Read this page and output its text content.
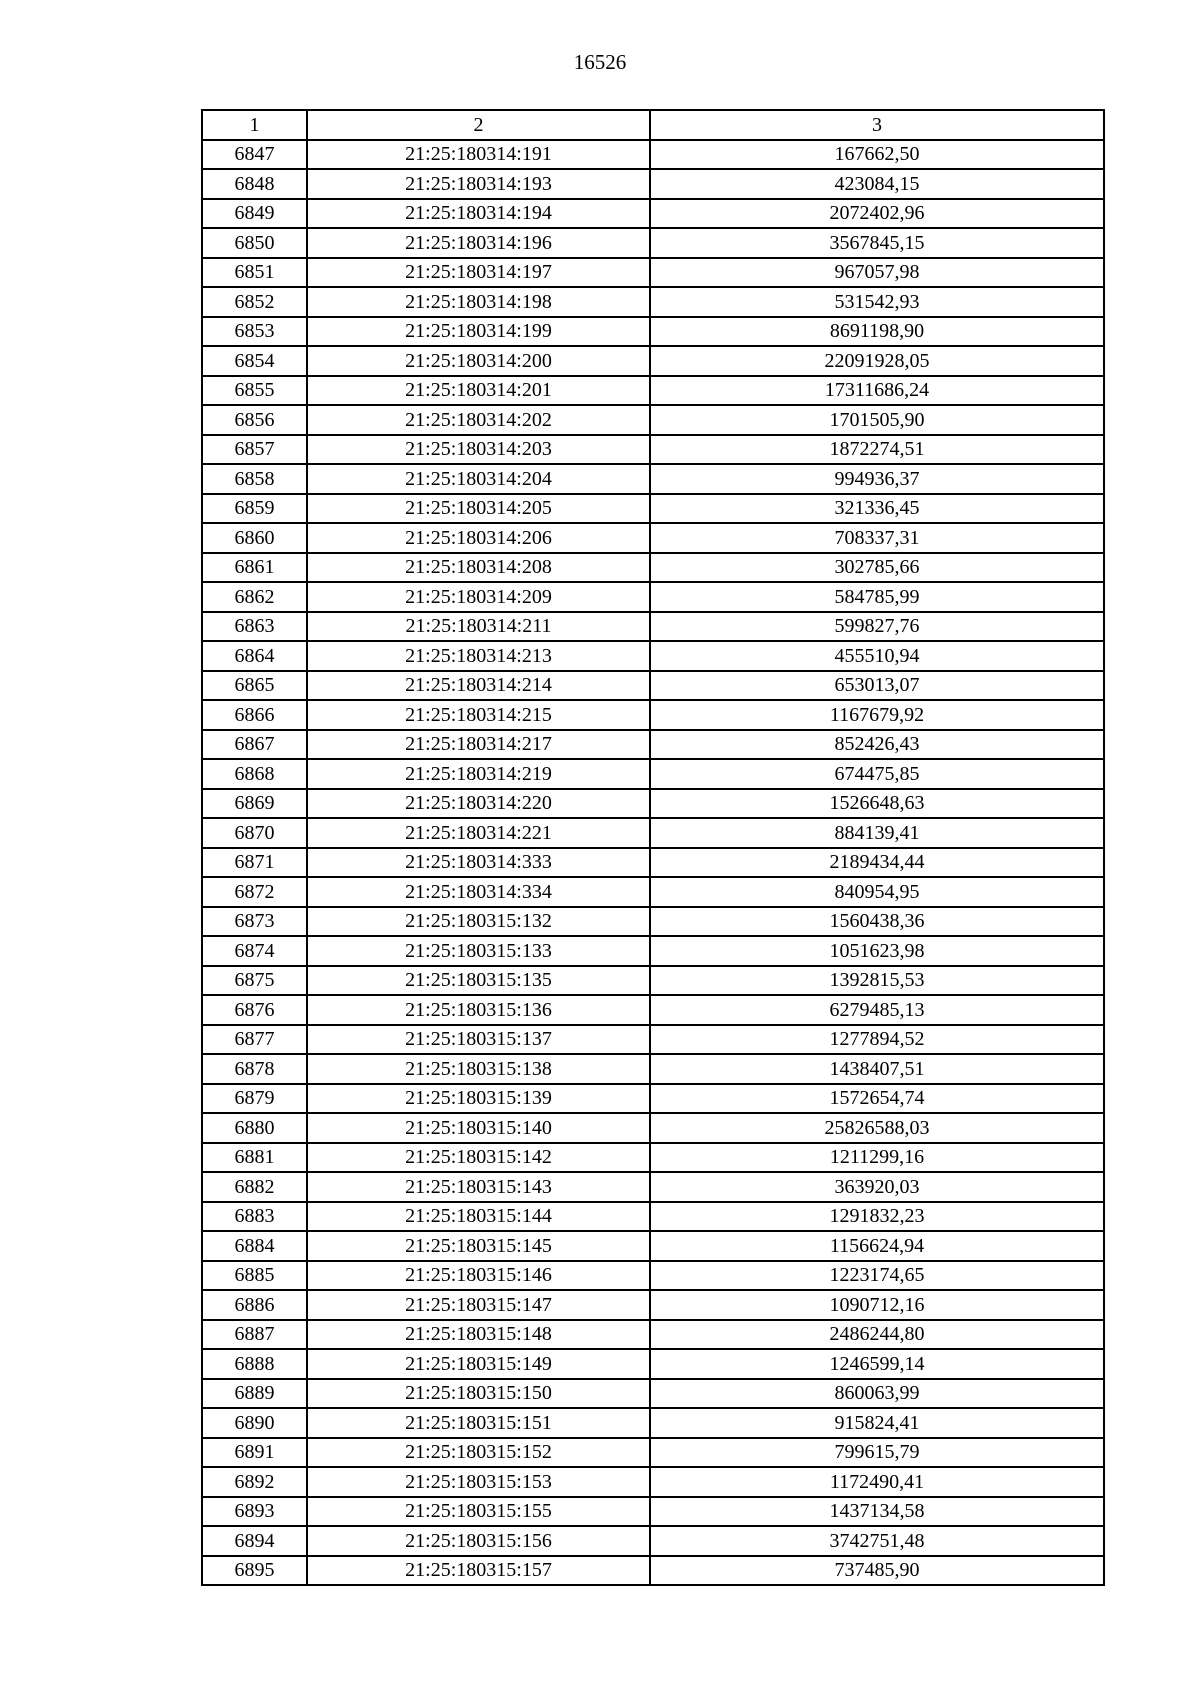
16526
1	2	3
6847	21:25:180314:191	167662,50
6848	21:25:180314:193	423084,15
6849	21:25:180314:194	2072402,96
6850	21:25:180314:196	3567845,15
6851	21:25:180314:197	967057,98
6852	21:25:180314:198	531542,93
6853	21:25:180314:199	8691198,90
6854	21:25:180314:200	22091928,05
6855	21:25:180314:201	17311686,24
6856	21:25:180314:202	1701505,90
6857	21:25:180314:203	1872274,51
6858	21:25:180314:204	994936,37
6859	21:25:180314:205	321336,45
6860	21:25:180314:206	708337,31
6861	21:25:180314:208	302785,66
6862	21:25:180314:209	584785,99
6863	21:25:180314:211	599827,76
6864	21:25:180314:213	455510,94
6865	21:25:180314:214	653013,07
6866	21:25:180314:215	1167679,92
6867	21:25:180314:217	852426,43
6868	21:25:180314:219	674475,85
6869	21:25:180314:220	1526648,63
6870	21:25:180314:221	884139,41
6871	21:25:180314:333	2189434,44
6872	21:25:180314:334	840954,95
6873	21:25:180315:132	1560438,36
6874	21:25:180315:133	1051623,98
6875	21:25:180315:135	1392815,53
6876	21:25:180315:136	6279485,13
6877	21:25:180315:137	1277894,52
6878	21:25:180315:138	1438407,51
6879	21:25:180315:139	1572654,74
6880	21:25:180315:140	25826588,03
6881	21:25:180315:142	1211299,16
6882	21:25:180315:143	363920,03
6883	21:25:180315:144	1291832,23
6884	21:25:180315:145	1156624,94
6885	21:25:180315:146	1223174,65
6886	21:25:180315:147	1090712,16
6887	21:25:180315:148	2486244,80
6888	21:25:180315:149	1246599,14
6889	21:25:180315:150	860063,99
6890	21:25:180315:151	915824,41
6891	21:25:180315:152	799615,79
6892	21:25:180315:153	1172490,41
6893	21:25:180315:155	1437134,58
6894	21:25:180315:156	3742751,48
6895	21:25:180315:157	737485,90
